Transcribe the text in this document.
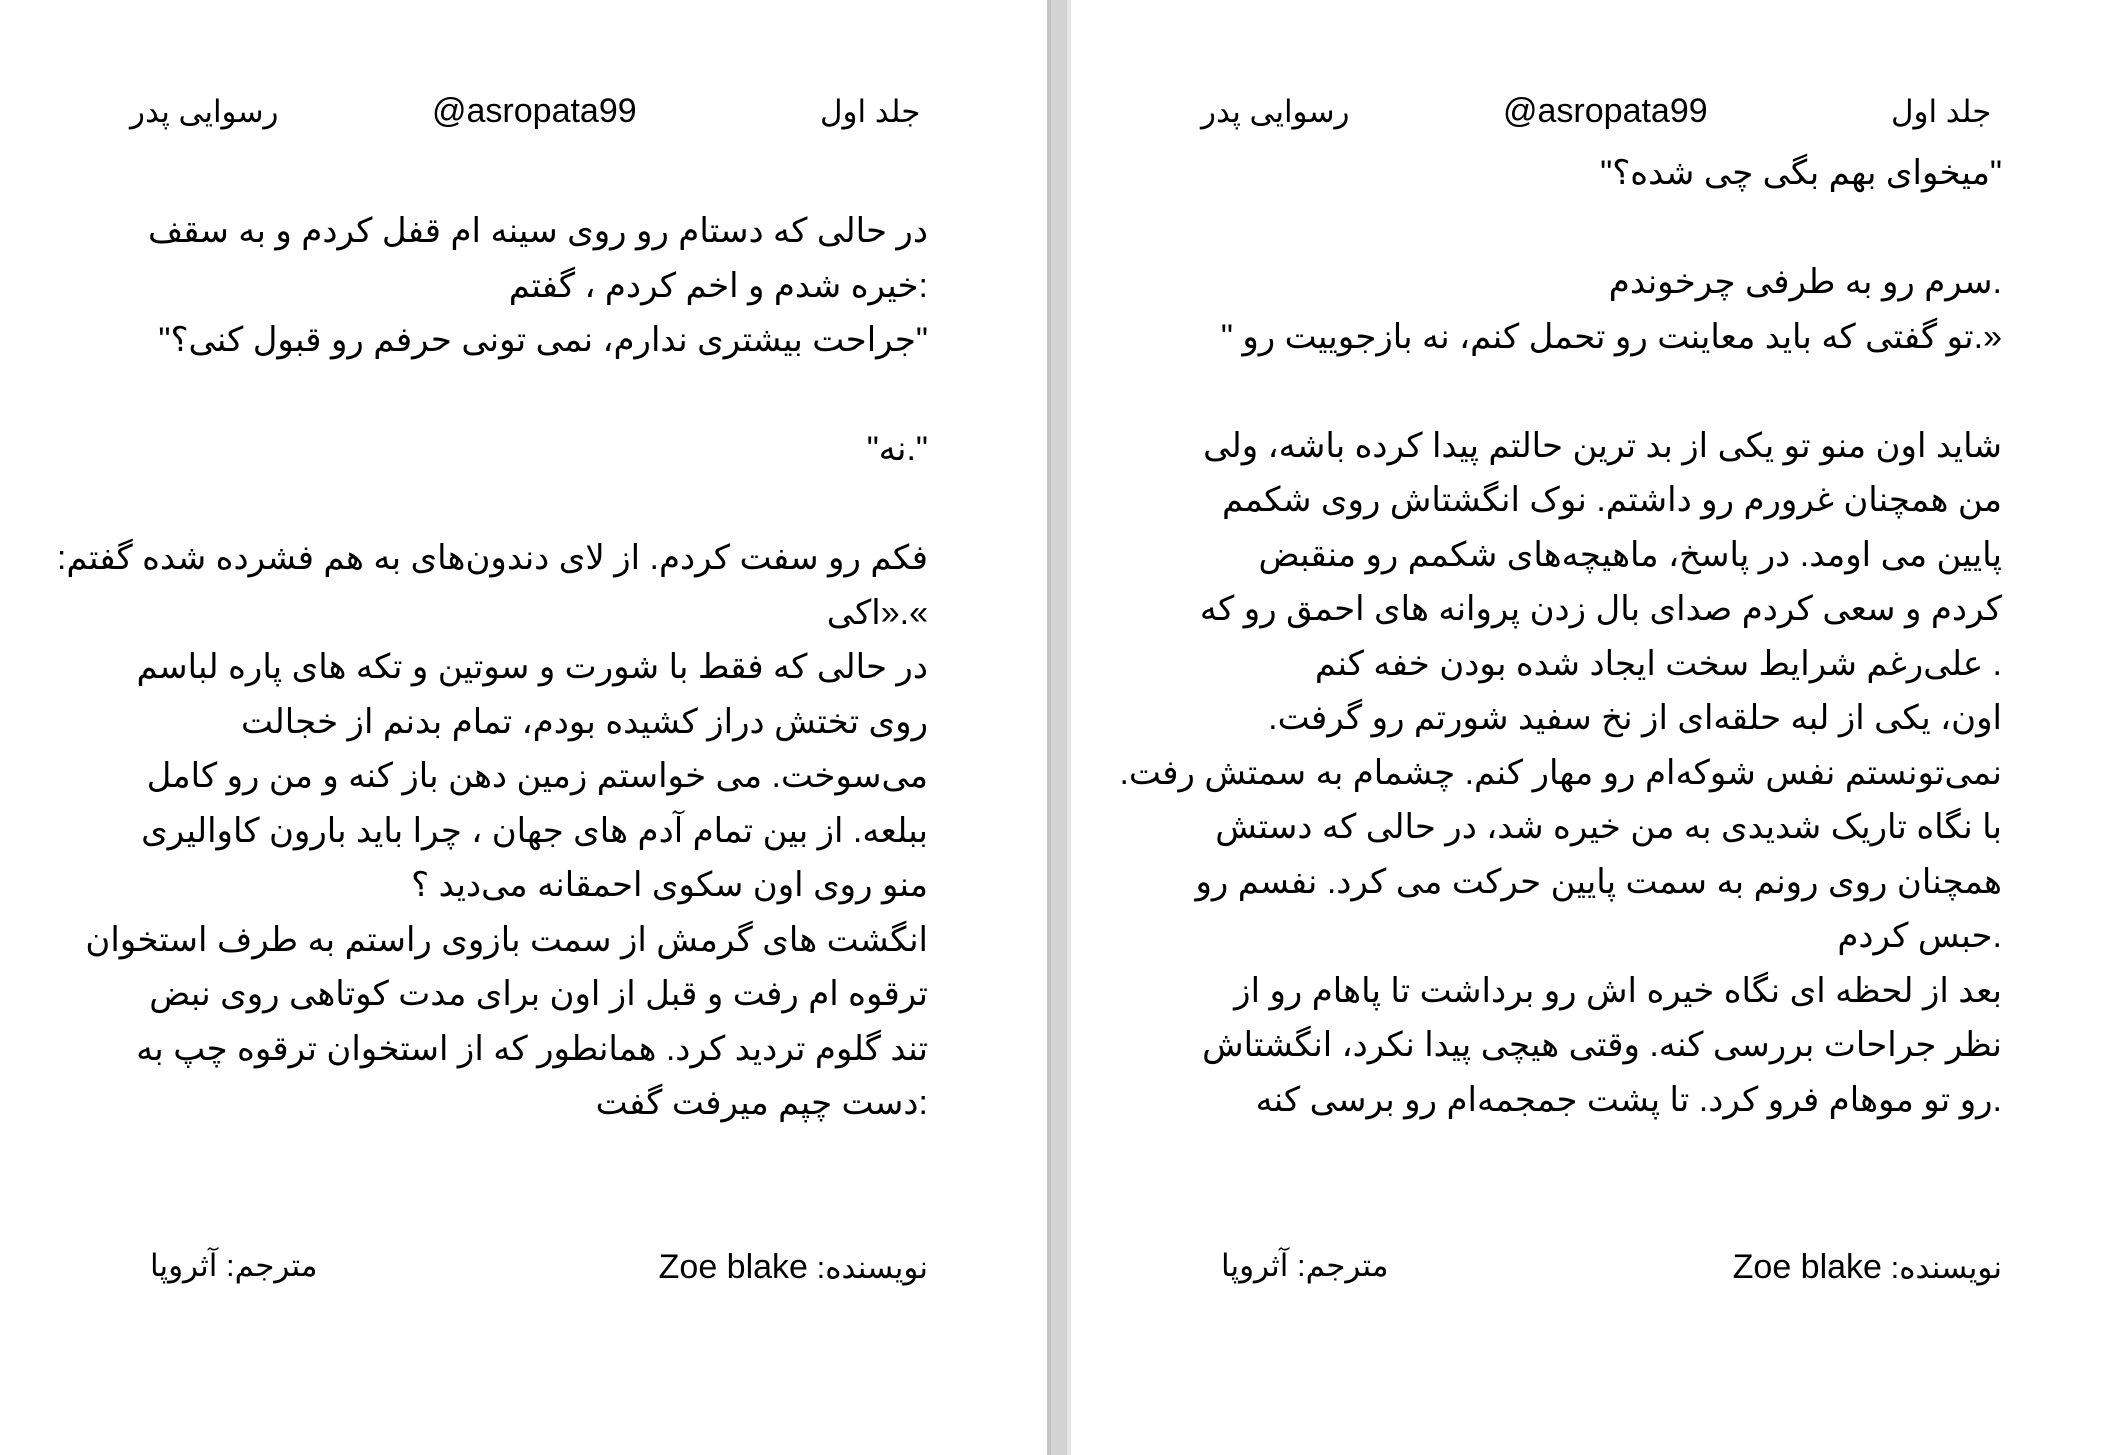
جلد اول
@asropata99
رسوایی پدر
در حالی که دستام رو روی سینه ام قفل کردم و به سقف
:خیره شدم و اخم کردم ، گفتم
"جراحت بیشتری ندارم، نمی تونی حرفم رو قبول کنی؟"
".نه"
فکم رو سفت کردم. از لای دندون‌های به هم فشرده شده گفتم:
».«اکی
در حالی که فقط با شورت و سوتین و تکه های پاره لباسم
روی تختش دراز کشیده بودم، تمام بدنم از خجالت
می‌سوخت. می خواستم زمین دهن باز کنه و من رو کامل
ببلعه. از بین تمام آدم های جهان ، چرا باید بارون کاوالیری
منو روی اون سکوی احمقانه می‌دید ؟
انگشت های گرمش از سمت بازوی راستم به طرف استخوان
ترقوه ام رفت و قبل از اون برای مدت کوتاهی روی نبض
تند گلوم تردید کرد. همانطور که از استخوان ترقوه چپ به
:دست چپم میرفت گفت
نویسنده: Zoe blake
مترجم: آثروپا
جلد اول
@asropata99
رسوایی پدر
"میخوای بهم بگی چی شده؟"
.سرم رو به طرفی چرخوندم
«.تو گفتی که باید معاینت رو تحمل کنم، نه بازجوییت رو "
شاید اون منو تو یکی از بد ترین حالتم پیدا کرده باشه، ولی
من همچنان غرورم رو داشتم. نوک انگشتاش روی شکمم
پایین می اومد. در پاسخ، ماهیچه‌های شکمم رو منقبض
کردم و سعی کردم صدای بال زدن پروانه های احمق رو که
. علی‌رغم شرایط سخت ایجاد شده بودن خفه کنم
اون، یکی از لبه حلقه‌ای از نخ سفید شورتم رو گرفت.
نمی‌تونستم نفس شوکه‌ام رو مهار کنم. چشمام به سمتش رفت.
با نگاه تاریک شدیدی به من خیره شد، در حالی که دستش
همچنان روی رونم به سمت پایین حرکت می کرد. نفسم رو
.حبس کردم
بعد از لحظه ای نگاه خیره اش رو برداشت تا پاهام رو از
نظر جراحات بررسی کنه. وقتی هیچی پیدا نکرد، انگشتاش
.رو تو موهام فرو کرد. تا پشت جمجمه‌ام رو برسی کنه
نویسنده: Zoe blake
مترجم: آثروپا
